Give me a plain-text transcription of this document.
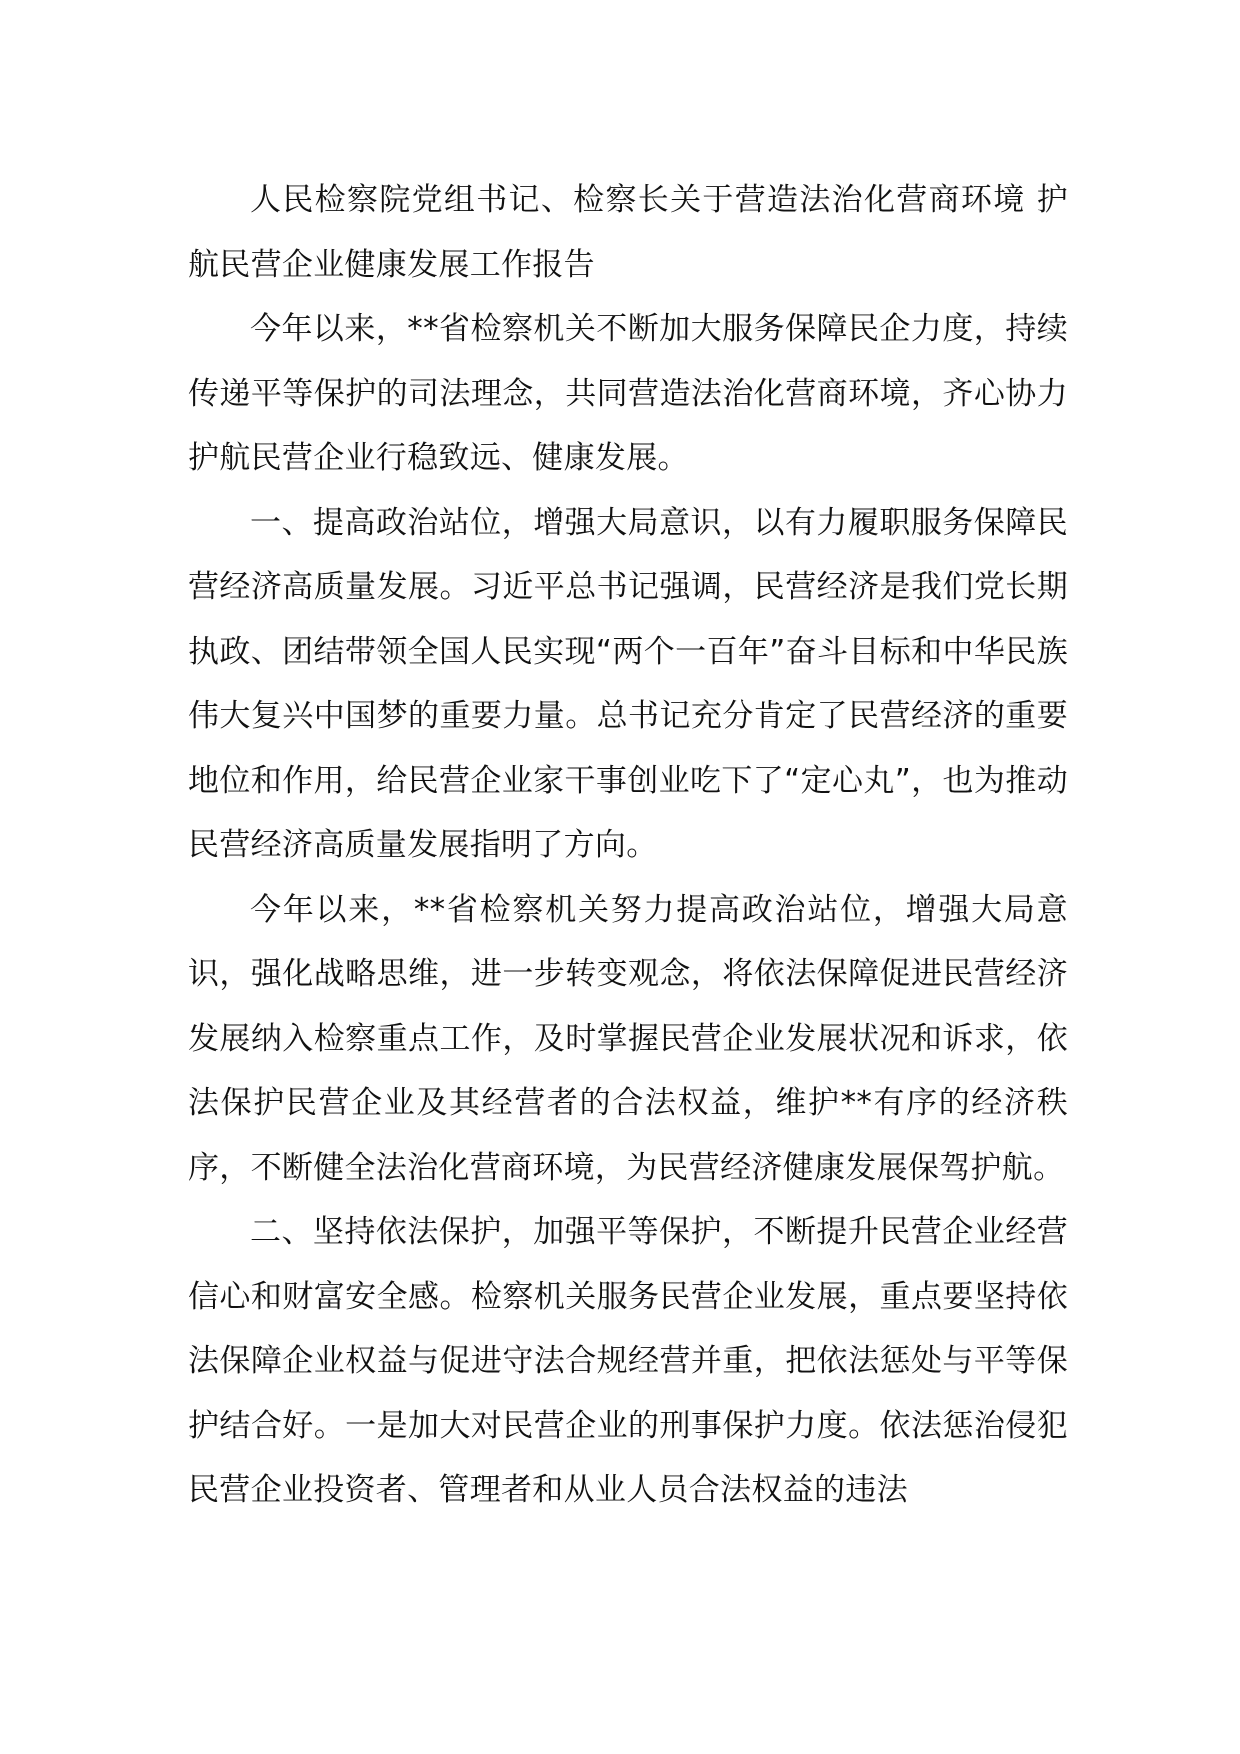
人民检察院党组书记、检察长关于营造法治化营商环境 护航民营企业健康发展工作报告

今年以来，**省检察机关不断加大服务保障民企力度，持续传递平等保护的司法理念，共同营造法治化营商环境，齐心协力护航民营企业行稳致远、健康发展。

一、提高政治站位，增强大局意识，以有力履职服务保障民营经济高质量发展。习近平总书记强调，民营经济是我们党长期执政、团结带领全国人民实现“两个一百年”奋斗目标和中华民族伟大复兴中国梦的重要力量。总书记充分肯定了民营经济的重要地位和作用，给民营企业家干事创业吃下了“定心丸”，也为推动民营经济高质量发展指明了方向。

今年以来，**省检察机关努力提高政治站位，增强大局意识，强化战略思维，进一步转变观念，将依法保障促进民营经济发展纳入检察重点工作，及时掌握民营企业发展状况和诉求，依法保护民营企业及其经营者的合法权益，维护**有序的经济秩序，不断健全法治化营商环境，为民营经济健康发展保驾护航。

二、坚持依法保护，加强平等保护，不断提升民营企业经营信心和财富安全感。检察机关服务民营企业发展，重点要坚持依法保障企业权益与促进守法合规经营并重，把依法惩处与平等保护结合好。一是加大对民营企业的刑事保护力度。依法惩治侵犯民营企业投资者、管理者和从业人员合法权益的违法
